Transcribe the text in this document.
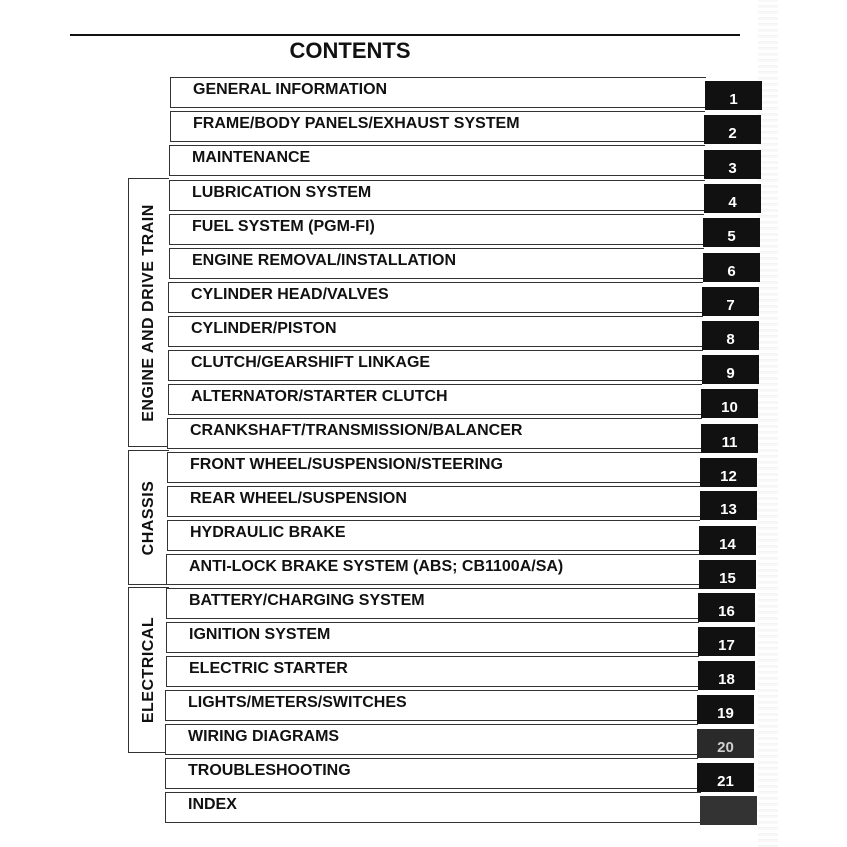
CONTENTS
ENGINE AND DRIVE TRAIN
CHASSIS
ELECTRICAL
GENERAL INFORMATION
1
FRAME/BODY PANELS/EXHAUST SYSTEM
2
MAINTENANCE
3
LUBRICATION SYSTEM
4
FUEL SYSTEM (PGM-FI)
5
ENGINE REMOVAL/INSTALLATION
6
CYLINDER HEAD/VALVES
7
CYLINDER/PISTON
8
CLUTCH/GEARSHIFT LINKAGE
9
ALTERNATOR/STARTER CLUTCH
10
CRANKSHAFT/TRANSMISSION/BALANCER
11
FRONT WHEEL/SUSPENSION/STEERING
12
REAR WHEEL/SUSPENSION
13
HYDRAULIC BRAKE
14
ANTI-LOCK BRAKE SYSTEM (ABS; CB1100A/SA)
15
BATTERY/CHARGING SYSTEM
16
IGNITION SYSTEM
17
ELECTRIC STARTER
18
LIGHTS/METERS/SWITCHES
19
WIRING DIAGRAMS
20
TROUBLESHOOTING
21
INDEX
